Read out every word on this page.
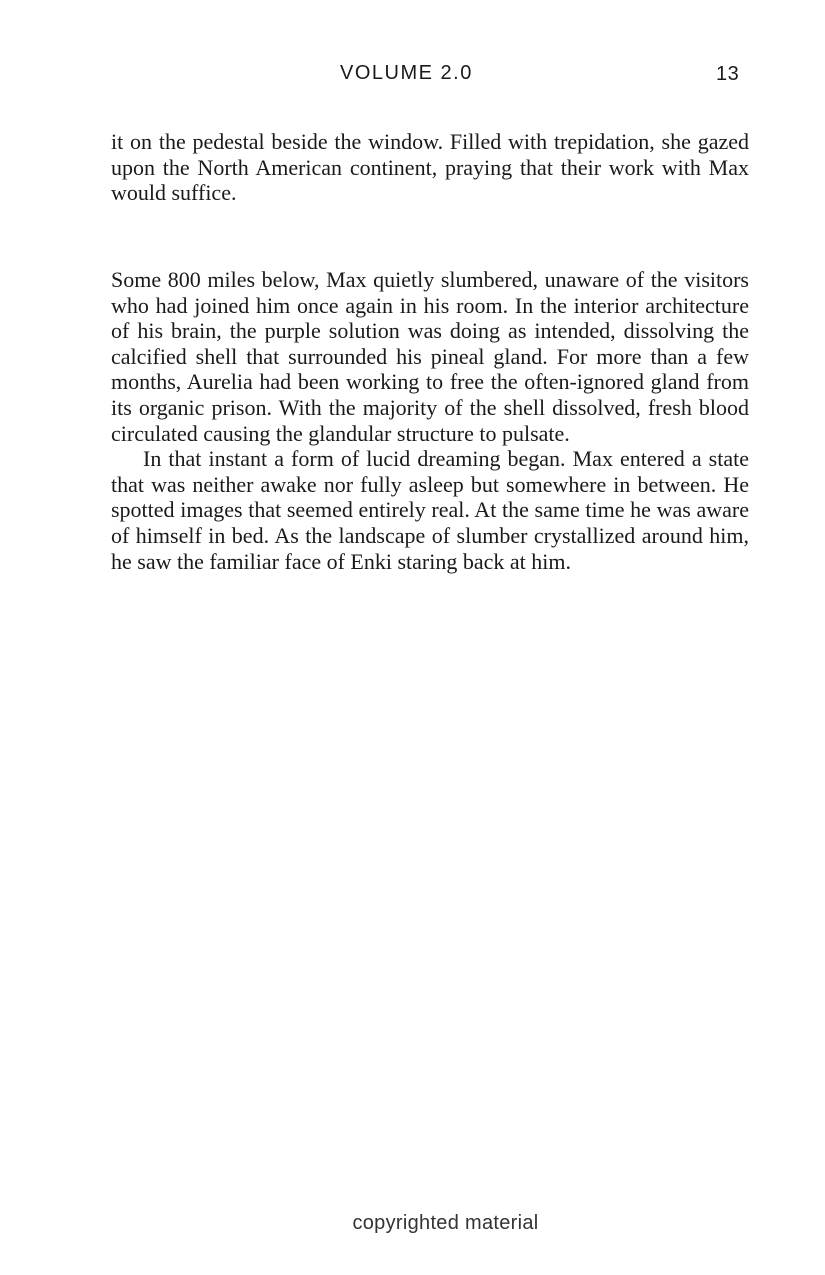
VOLUME 2.0	13

it on the pedestal beside the window. Filled with trepidation, she gazed upon the North American continent, praying that their work with Max would suffice.

Some 800 miles below, Max quietly slumbered, unaware of the visitors who had joined him once again in his room. In the interior architecture of his brain, the purple solution was doing as intended, dissolving the calcified shell that surrounded his pineal gland. For more than a few months, Aurelia had been working to free the often-ignored gland from its organic prison. With the majority of the shell dissolved, fresh blood circulated causing the glandular structure to pulsate.

In that instant a form of lucid dreaming began. Max entered a state that was neither awake nor fully asleep but somewhere in between. He spotted images that seemed entirely real. At the same time he was aware of himself in bed. As the landscape of slumber crystallized around him, he saw the familiar face of Enki staring back at him.

copyrighted material
